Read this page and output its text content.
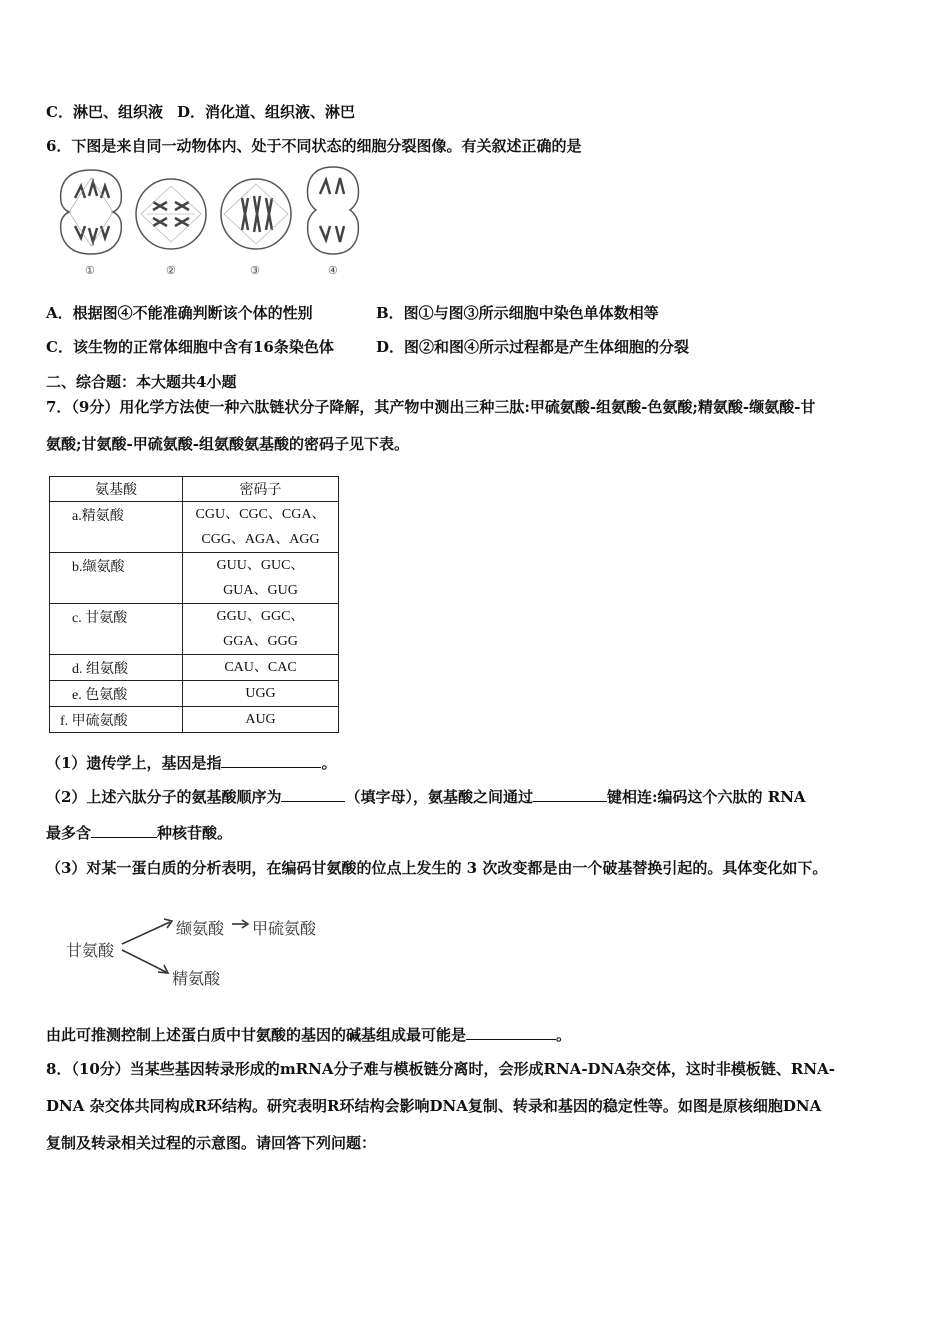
C．淋巴、组织液 D．消化道、组织液、淋巴
6．下图是来自同一动物体内、处于不同状态的细胞分裂图像。有关叙述正确的是
①	②	③	④
A．根据图④不能准确判断该个体的性别	B．图①与图③所示细胞中染色单体数相等
C．该生物的正常体细胞中含有16条染色体	D．图②和图④所示过程都是产生体细胞的分裂
二、综合题：本大题共4小题
7．（9分）用化学方法使一种六肽链状分子降解，其产物中测出三种三肽:甲硫氨酸-组氨酸-色氨酸;精氨酸-缬氨酸-甘
氨酸;甘氨酸-甲硫氨酸-组氨酸氨基酸的密码子见下表。
氨基酸	密码子
a.精氨酸	CGU、CGC、CGA、
CGG、AGA、AGG

b.缬氨酸	GUU、GUC、
GUA、GUG

c. 甘氨酸	GGU、GGC、
GGA、GGG

d. 组氨酸	CAU、CAC
e. 色氨酸	UGG
f. 甲硫氨酸	AUG
（1）遗传学上，基因是指	。
（2）上述六肽分子的氨基酸顺序为	（填字母），氨基酸之间通过	键相连:编码这个六肽的 RNA
最多含	种核苷酸。
（3）对某一蛋白质的分析表明，在编码甘氨酸的位点上发生的 3 次改变都是由一个破基替换引起的。具体变化如下。
甘氨酸
缬氨酸 甲硫氨酸
精氨酸
由此可推测控制上述蛋白质中甘氨酸的基因的碱基组成最可能是	。
8．（10分）当某些基因转录形成的mRNA分子难与模板链分离时，会形成RNA-DNA杂交体，这时非模板链、RNA-
DNA 杂交体共同构成R环结构。研究表明R环结构会影响DNA复制、转录和基因的稳定性等。如图是原核细胞DNA
复制及转录相关过程的示意图。请回答下列问题：
